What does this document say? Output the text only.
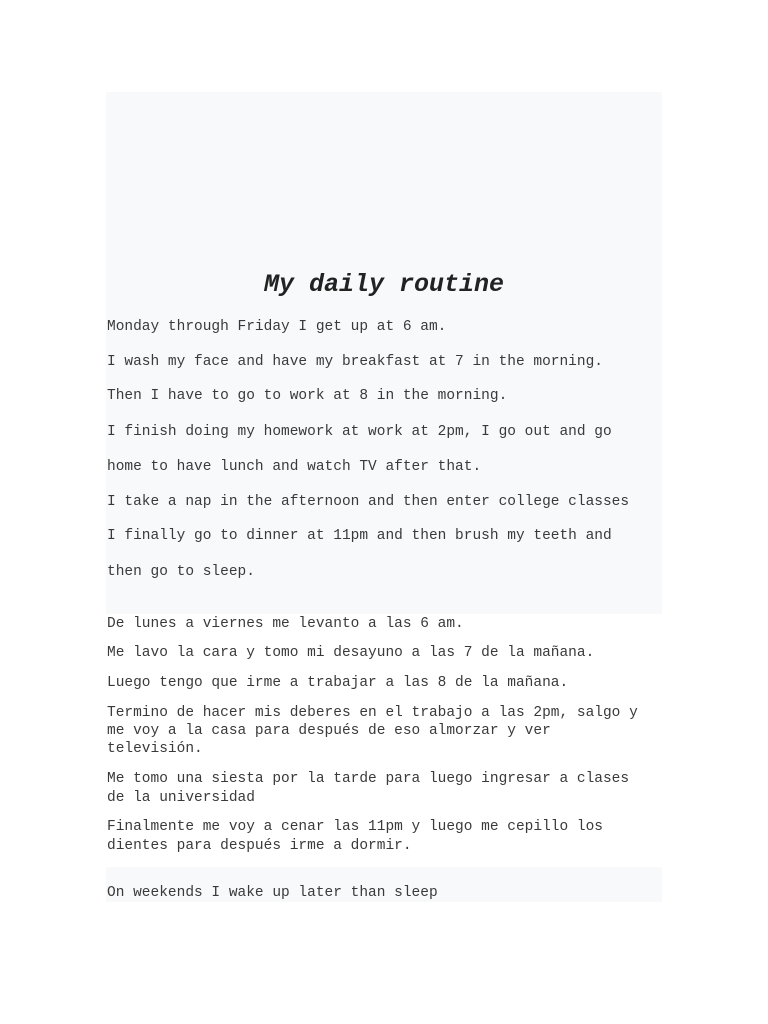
My daily routine

Monday through Friday I get up at 6 am.

I wash my face and have my breakfast at 7 in the morning.

Then I have to go to work at 8 in the morning.

I finish doing my homework at work at 2pm, I go out and go

home to have lunch and watch TV after that.

I take a nap in the afternoon and then enter college classes

I finally go to dinner at 11pm and then brush my teeth and

then go to sleep.

De lunes a viernes me levanto a las 6 am.

Me lavo la cara y tomo mi desayuno a las 7 de la mañana.

Luego tengo que irme a trabajar a las 8 de la mañana.

Termino de hacer mis deberes en el trabajo a las 2pm, salgo y

me voy a la casa para después de eso almorzar y ver

televisión.

Me tomo una siesta por la tarde para luego ingresar a clases

de la universidad

Finalmente me voy a cenar las 11pm y luego me cepillo los

dientes para después irme a dormir.

On weekends I wake up later than sleep
